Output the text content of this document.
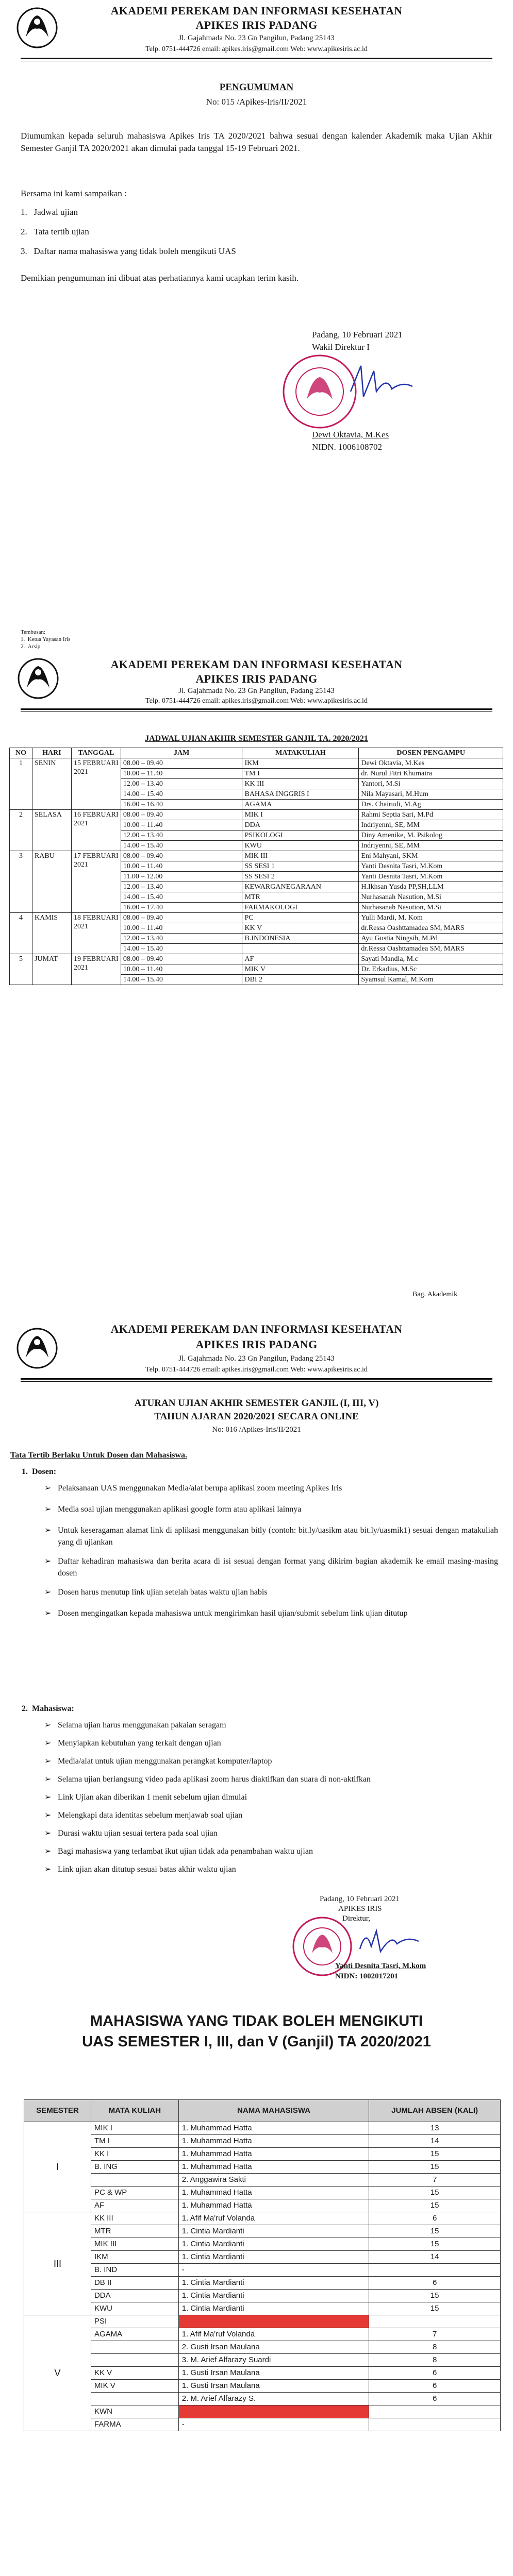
AKADEMI PEREKAM DAN INFORMASI KESEHATAN
APIKES IRIS PADANG
Jl. Gajahmada No. 23 Gn Pangilun, Padang 25143
Telp. 0751-444726 email: apikes.iris@gmail.com Web: www.apikesiris.ac.id
PENGUMUMAN
No: 015 /Apikes-Iris/II/2021
Diumumkan kepada seluruh mahasiswa Apikes Iris TA 2020/2021 bahwa sesuai dengan kalender Akademik maka Ujian Akhir Semester Ganjil TA 2020/2021 akan dimulai pada tanggal 15-19 Februari 2021.
Bersama ini kami sampaikan :
1.   Jadwal ujian
2.   Tata tertib ujian
3.   Daftar nama mahasiswa yang tidak boleh mengikuti UAS
Demikian pengumuman ini dibuat atas perhatiannya kami ucapkan terim kasih.
Padang, 10 Februari 2021
Wakil Direktur I
Dewi Oktavia, M.Kes
NIDN. 1006108702
Tembusan:
1.  Ketua Yayasan Iris
2.  Arsip
AKADEMI PEREKAM DAN INFORMASI KESEHATAN
APIKES IRIS PADANG
Jl. Gajahmada No. 23 Gn Pangilun, Padang 25143
Telp. 0751-444726 email: apikes.iris@gmail.com Web: www.apikesiris.ac.id
JADWAL UJIAN AKHIR SEMESTER GANJIL TA. 2020/2021
NO	HARI	TANGGAL	JAM	MATAKULIAH	DOSEN PENGAMPU
1	SENIN	15 FEBRUARI 2021	08.00 – 09.40	IKM	Dewi Oktavia, M.Kes
			10.00 – 11.40	TM I	dr. Nurul Fitri Khumaira
			12.00 – 13.40	KK III	Yantori, M.Si
			14.00 – 15.40	BAHASA INGGRIS I	Nila Mayasari, M.Hum
			16.00 – 16.40	AGAMA	Drs. Chairudi, M.Ag
2	SELASA	16 FEBRUARI 2021	08.00 – 09.40	MIK I	Rahmi Septia Sari, M.Pd
			10.00 – 11.40	DDA	Indriyenni, SE, MM
			12.00 – 13.40	PSIKOLOGI	Diny Amenike, M. Psikolog
			14.00 – 15.40	KWU	Indriyenni, SE, MM
3	RABU	17 FEBRUARI 2021	08.00 – 09.40	MIK III	Eni Mahyani, SKM
			10.00 – 11.40	SS SESI 1	Yanti Desnita Tasri, M.Kom
			11.00 – 12.00	SS SESI 2	Yanti Desnita Tasri, M.Kom
			12.00 – 13.40	KEWARGANEGARAAN	H.Ikhsan Yusda PP,SH,LLM
			14.00 – 15.40	MTR	Nurhasanah Nasution, M.Si
			16.00 – 17.40	FARMAKOLOGI	Nurhasanah Nasution, M.Si
4	KAMIS	18 FEBRUARI 2021	08.00 – 09.40	PC	Yulli Mardi, M. Kom
			10.00 – 11.40	KK V	dr.Ressa Oashttamadea SM, MARS
			12.00 – 13.40	B.INDONESIA	Ayu Gustia Ningsih, M.Pd
			14.00 – 15.40		dr.Ressa Oashttamadea SM, MARS
5	JUMAT	19 FEBRUARI 2021	08.00 – 09.40	AF	Sayati Mandia, M.c
			10.00 – 11.40	MIK V	Dr. Erkadius, M.Sc
			14.00 – 15.40	DBI 2	Syamsul Kamal, M.Kom
Bag. Akademik
AKADEMI PEREKAM DAN INFORMASI KESEHATAN
APIKES IRIS PADANG
Jl. Gajahmada No. 23 Gn Pangilun, Padang 25143
Telp. 0751-444726 email: apikes.iris@gmail.com Web: www.apikesiris.ac.id
ATURAN UJIAN AKHIR SEMESTER GANJIL (I, III, V)
TAHUN AJARAN 2020/2021 SECARA ONLINE
No: 016 /Apikes-Iris/II/2021
Tata Tertib Berlaku Untuk Dosen dan Mahasiswa.
1.  Dosen:
➢ Pelaksanaan UAS menggunakan Media/alat berupa aplikasi zoom meeting Apikes Iris
➢ Media soal ujian menggunakan aplikasi google form atau aplikasi lainnya
➢ Untuk keseragaman alamat link di aplikasi menggunakan bitly (contoh: bit.ly/uasikm atau bit.ly/uasmik1) sesuai dengan matakuliah yang di ujiankan
➢ Daftar kehadiran mahasiswa dan berita acara di isi sesuai dengan format yang dikirim bagian akademik ke email masing-masing dosen
➢ Dosen harus menutup link ujian setelah batas waktu ujian habis
➢ Dosen mengingatkan kepada mahasiswa untuk mengirimkan hasil ujian/submit sebelum link ujian ditutup
2.  Mahasiswa:
➢ Selama ujian harus menggunakan pakaian seragam
➢ Menyiapkan kebutuhan yang terkait dengan ujian
➢ Media/alat untuk ujian menggunakan perangkat komputer/laptop
➢ Selama ujian berlangsung video pada aplikasi zoom harus diaktifkan dan suara di non-aktifkan
➢ Link Ujian akan diberikan 1 menit sebelum ujian dimulai
➢ Melengkapi data identitas sebelum menjawab soal ujian
➢ Durasi waktu ujian sesuai tertera pada soal ujian
➢ Bagi mahasiswa yang terlambat ikut ujian tidak ada penambahan waktu ujian
➢ Link ujian akan ditutup sesuai batas akhir waktu ujian
Padang, 10 Februari 2021
APIKES IRIS
Direktur,
Yanti Desnita Tasri, M.kom
NIDN: 1002017201
MAHASISWA YANG TIDAK BOLEH MENGIKUTI
UAS SEMESTER I, III, dan V (Ganjil) TA 2020/2021
SEMESTER	MATA KULIAH	NAMA MAHASISWA	JUMLAH ABSEN (KALI)
I	MIK I	1. Muhammad Hatta	13
	TM I	1. Muhammad Hatta	14
	KK I	1. Muhammad Hatta	15
	B. ING	1. Muhammad Hatta	15
		2. Anggawira Sakti	7
	PC & WP	1. Muhammad Hatta	15
	AF	1. Muhammad Hatta	15
III	KK III	1. Afif Ma'ruf Volanda	6
	MTR	1. Cintia Mardianti	15
	MIK III	1. Cintia Mardianti	15
	IKM	1. Cintia Mardianti	14
	B. IND	-	
	DB II	1. Cintia Mardianti	6
	DDA	1. Cintia Mardianti	15
	KWU	1. Cintia Mardianti	15
V	PSI		
	AGAMA	1. Afif Ma'ruf Volanda	7
		2. Gusti Irsan Maulana	8
		3. M. Arief Alfarazy Suardi	8
	KK V	1. Gusti Irsan Maulana	6
	MIK V	1. Gusti Irsan Maulana	6
		2. M. Arief Alfarazy S.	6
	KWN		
	FARMA	-	
